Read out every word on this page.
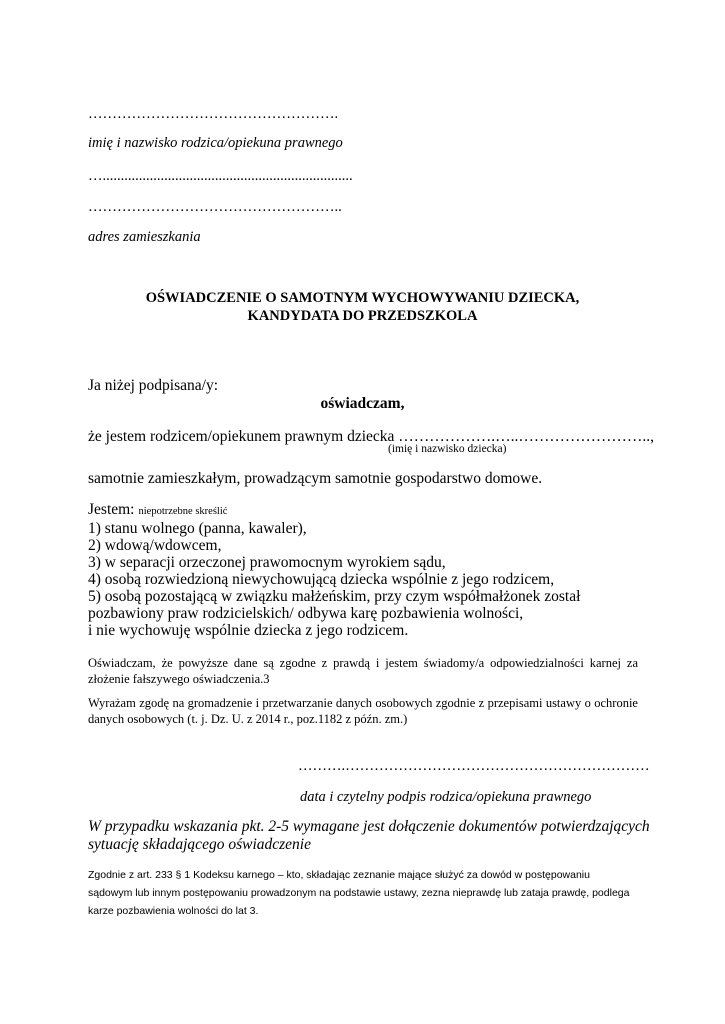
…………………………………………….
imię i nazwisko rodzica/opiekuna prawnego
….....................................................................
……………………………………………..
adres zamieszkania
OŚWIADCZENIE O SAMOTNYM WYCHOWYWANIU DZIECKA,
KANDYDATA DO PRZEDSZKOLA
Ja niżej podpisana/y:
oświadczam,
że jestem rodzicem/opiekunem prawnym dziecka ……………….…..……………………..,
(imię i nazwisko dziecka)
samotnie zamieszkałym, prowadzącym samotnie gospodarstwo domowe.
Jestem: niepotrzebne skreślić
1) stanu wolnego (panna, kawaler),
2) wdową/wdowcem,
3) w separacji orzeczonej prawomocnym wyrokiem sądu,
4) osobą rozwiedzioną niewychowującą dziecka wspólnie z jego rodzicem,
5) osobą pozostającą w związku małżeńskim, przy czym współmałżonek został
pozbawiony praw rodzicielskich/ odbywa karę pozbawienia wolności,
i nie wychowuję wspólnie dziecka z jego rodzicem.
Oświadczam, że powyższe dane są zgodne z prawdą i jestem świadomy/a odpowiedzialności karnej za złożenie fałszywego oświadczenia.3
Wyrażam zgodę na gromadzenie i przetwarzanie danych osobowych zgodnie z przepisami ustawy o ochronie danych osobowych (t. j. Dz. U. z 2014 r., poz.1182 z późn. zm.)
……….………………………………………………………
data i czytelny podpis rodzica/opiekuna prawnego
W przypadku wskazania pkt. 2-5 wymagane jest dołączenie dokumentów potwierdzających
sytuację składającego oświadczenie
Zgodnie z art. 233 § 1 Kodeksu karnego – kto, składając zeznanie mające służyć za dowód w postępowaniu sądowym lub innym postępowaniu prowadzonym na podstawie ustawy, zezna nieprawdę lub zataja prawdę, podlega karze pozbawienia wolności do lat 3.
